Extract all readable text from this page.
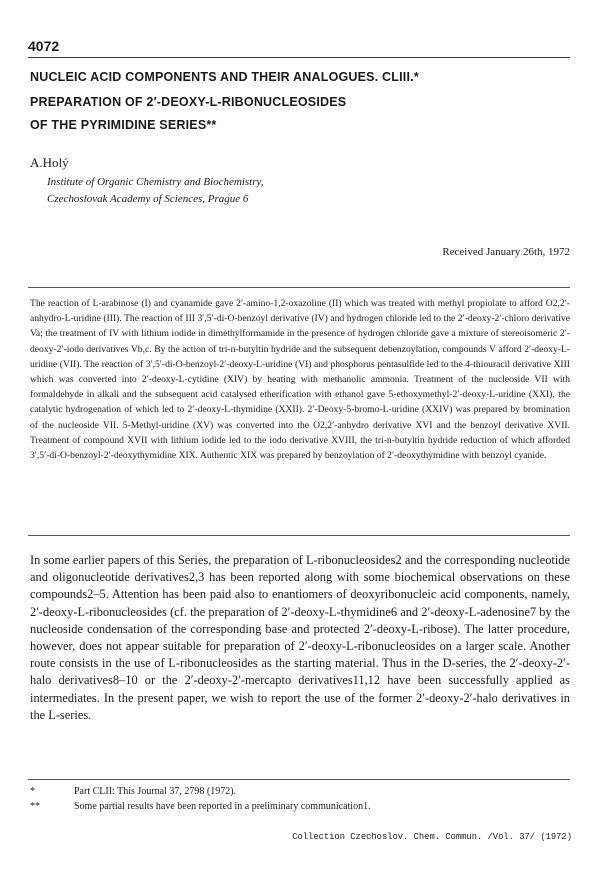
4072
NUCLEIC ACID COMPONENTS AND THEIR ANALOGUES. CLIII.*
PREPARATION OF 2′-DEOXY-L-RIBONUCLEOSIDES
OF THE PYRIMIDINE SERIES**
A.Holý
Institute of Organic Chemistry and Biochemistry,
Czechoslovak Academy of Sciences, Prague 6
Received January 26th, 1972
The reaction of L-arabinose (I) and cyanamide gave 2′-amino-1,2-oxazoline (II) which was treated with methyl propiolate to afford O2,2′-anhydro-L-uridine (III). The reaction of III 3′,5′-di-O-benzoyl derivative (IV) and hydrogen chloride led to the 2′-deoxy-2′-chloro derivative Va; the treatment of IV with lithium iodide in dimethylformamide in the presence of hydrogen chloride gave a mixture of stereoisomeric 2′-deoxy-2′-iodo derivatives Vb,c. By the action of tri-n-butyltin hydride and the subsequent debenzoylation, compounds V afford 2′-deoxy-L-uridine (VII). The reaction of 3′,5′-di-O-benzoyl-2′-deoxy-L-uridine (VI) and phosphorus pentasulfide led to the 4-thiouracil derivative XIII which was converted into 2′-deoxy-L-cytidine (XIV) by heating with methanolic ammonia. Treatment of the nucleoside VII with formaldehyde in alkali and the subsequent acid catalysed etherification with ethanol gave 5-ethoxymethyl-2′-deoxy-L-uridine (XXI), the catalytic hydrogenation of which led to 2′-deoxy-L-thymidine (XXII). 2′-Deoxy-5-bromo-L-uridine (XXIV) was prepared by bromination of the nucleoside VII. 5-Methyl-uridine (XV) was converted into the O2,2′-anhydro derivative XVI and the benzoyl derivative XVII. Treatment of compound XVII with lithium iodide led to the iodo derivative XVIII, the tri-n-butyltin hydride reduction of which afforded 3′,5′-di-O-benzoyl-2′-deoxythymidine XIX. Authentic XIX was prepared by benzoylation of 2′-deoxythymidine with benzoyl cyanide.
In some earlier papers of this Series, the preparation of L-ribonucleosides2 and the corresponding nucleotide and oligonucleotide derivatives2,3 has been reported along with some biochemical observations on these compounds2–5. Attention has been paid also to enantiomers of deoxyribonucleic acid components, namely, 2′-deoxy-L-ribonucleosides (cf. the preparation of 2′-deoxy-L-thymidine6 and 2′-deoxy-L-adenosine7 by the nucleoside condensation of the corresponding base and protected 2′-deoxy-L-ribose). The latter procedure, however, does not appear suitable for preparation of 2′-deoxy-L-ribonucleosides on a larger scale. Another route consists in the use of L-ribonucleosides as the starting material. Thus in the D-series, the 2′-deoxy-2′-halo derivatives8–10 or the 2′-deoxy-2′-mercapto derivatives11,12 have been successfully applied as intermediates. In the present paper, we wish to report the use of the former 2′-deoxy-2′-halo derivatives in the L-series.
*	Part CLII: This Journal 37, 2798 (1972).
**	Some partial results have been reported in a preliminary communication1.
Collection Czechoslov. Chem. Commun. /Vol. 37/ (1972)
